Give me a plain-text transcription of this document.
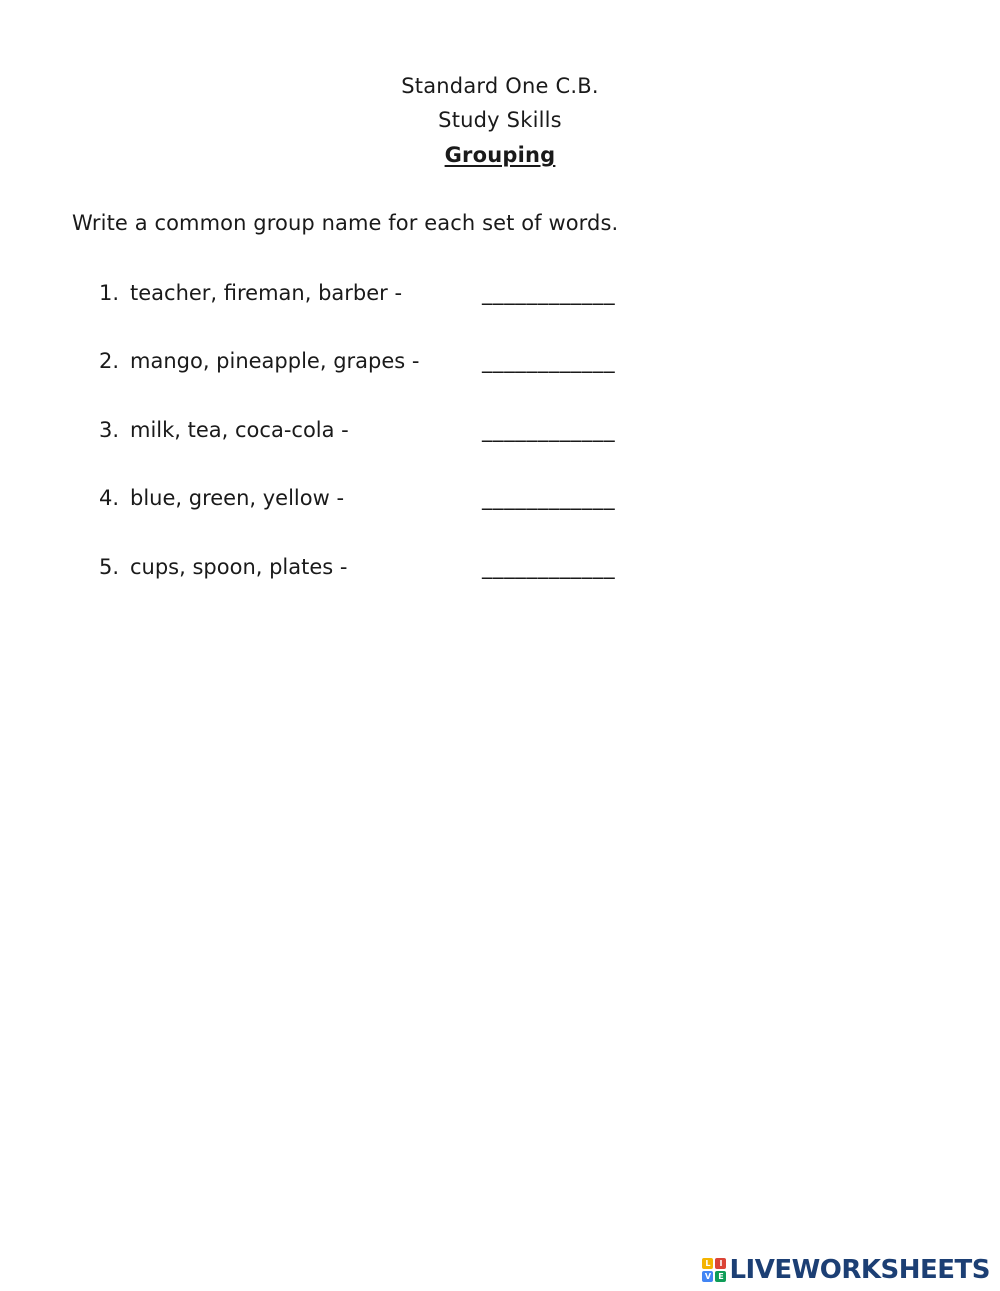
Standard One C.B.
Study Skills
Grouping
Write a common group name for each set of words.
1. teacher, fireman, barber -	____________
2. mango, pineapple, grapes -	____________
3. milk, tea, coca-cola -	____________
4. blue, green, yellow -	____________
5. cups, spoon, plates -	____________
L	I
V E LIVEWORKSHEETS
